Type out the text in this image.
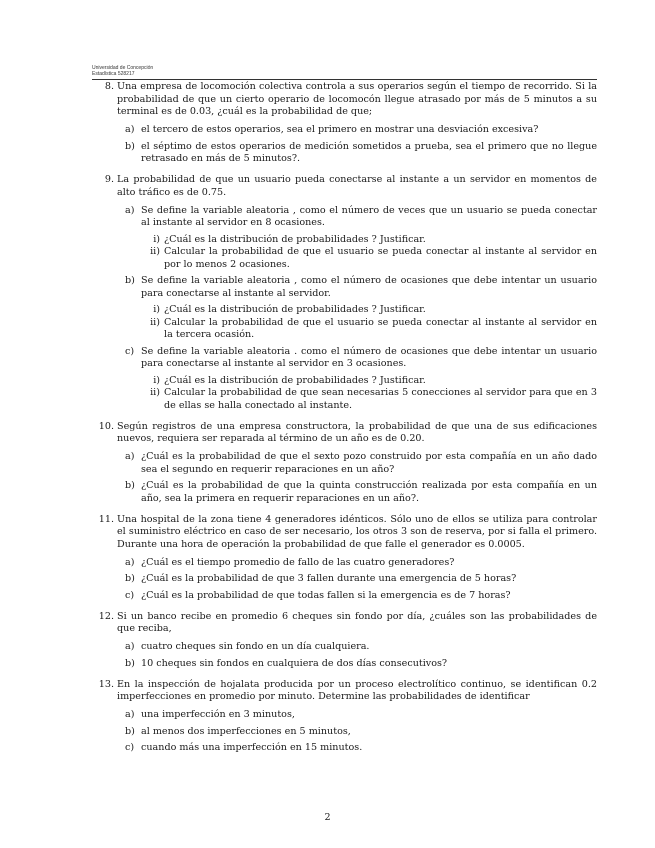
Universidad de Concepción
Estadística 528217
8. Una empresa de locomoción colectiva controla a sus operarios según el tiempo de recorrido. Si la probabilidad de que un cierto operario de locomocón llegue atrasado por más de 5 minutos a su terminal es de 0.03, ¿cuál es la probabilidad de que;
a) el tercero de estos operarios, sea el primero en mostrar una desviación excesiva?
b) el séptimo de estos operarios de medición sometidos a prueba, sea el primero que no llegue retrasado en más de 5 minutos?.
9. La probabilidad de que un usuario pueda conectarse al instante a un servidor en momentos de alto tráfico es de 0.75.
a) Se define la variable aleatoria , como el número de veces que un usuario se pueda conectar al instante al servidor en 8 ocasiones.
i) ¿Cuál es la distribución de probabilidades ? Justificar.
ii) Calcular la probabilidad de que el usuario se pueda conectar al instante al servidor en por lo menos 2 ocasiones.
b) Se define la variable aleatoria , como el número de ocasiones que debe intentar un usuario para conectarse al instante al servidor.
i) ¿Cuál es la distribución de probabilidades ? Justificar.
ii) Calcular la probabilidad de que el usuario se pueda conectar al instante al servidor en la tercera ocasión.
c) Se define la variable aleatoria . como el número de ocasiones que debe intentar un usuario para conectarse al instante al servidor en 3 ocasiones.
i) ¿Cuál es la distribución de probabilidades ? Justificar.
ii) Calcular la probabilidad de que sean necesarias 5 conecciones al servidor para que en 3 de ellas se halla conectado al instante.
10. Según registros de una empresa constructora, la probabilidad de que una de sus edificaciones nuevos, requiera ser reparada al término de un año es de 0.20.
a) ¿Cuál es la probabilidad de que el sexto pozo construido por esta compañía en un año dado sea el segundo en requerir reparaciones en un año?
b) ¿Cuál es la probabilidad de que la quinta construcción realizada por esta compañía en un año, sea la primera en requerir reparaciones en un año?.
11. Una hospital de la zona tiene 4 generadores idénticos. Sólo uno de ellos se utiliza para controlar el suministro eléctrico en caso de ser necesario, los otros 3 son de reserva, por si falla el primero. Durante una hora de operación la probabilidad de que falle el generador es 0.0005.
a) ¿Cuál es el tiempo promedio de fallo de las cuatro generadores?
b) ¿Cuál es la probabilidad de que 3 fallen durante una emergencia de 5 horas?
c) ¿Cuál es la probabilidad de que todas fallen si la emergencia es de 7 horas?
12. Si un banco recibe en promedio 6 cheques sin fondo por día, ¿cuáles son las probabilidades de que reciba,
a) cuatro cheques sin fondo en un día cualquiera.
b) 10 cheques sin fondos en cualquiera de dos días consecutivos?
13. En la inspección de hojalata producida por un proceso electrolítico continuo, se identifican 0.2 imperfecciones en promedio por minuto. Determine las probabilidades de identificar
a) una imperfección en 3 minutos,
b) al menos dos imperfecciones en 5 minutos,
c) cuando más una imperfección en 15 minutos.
2
